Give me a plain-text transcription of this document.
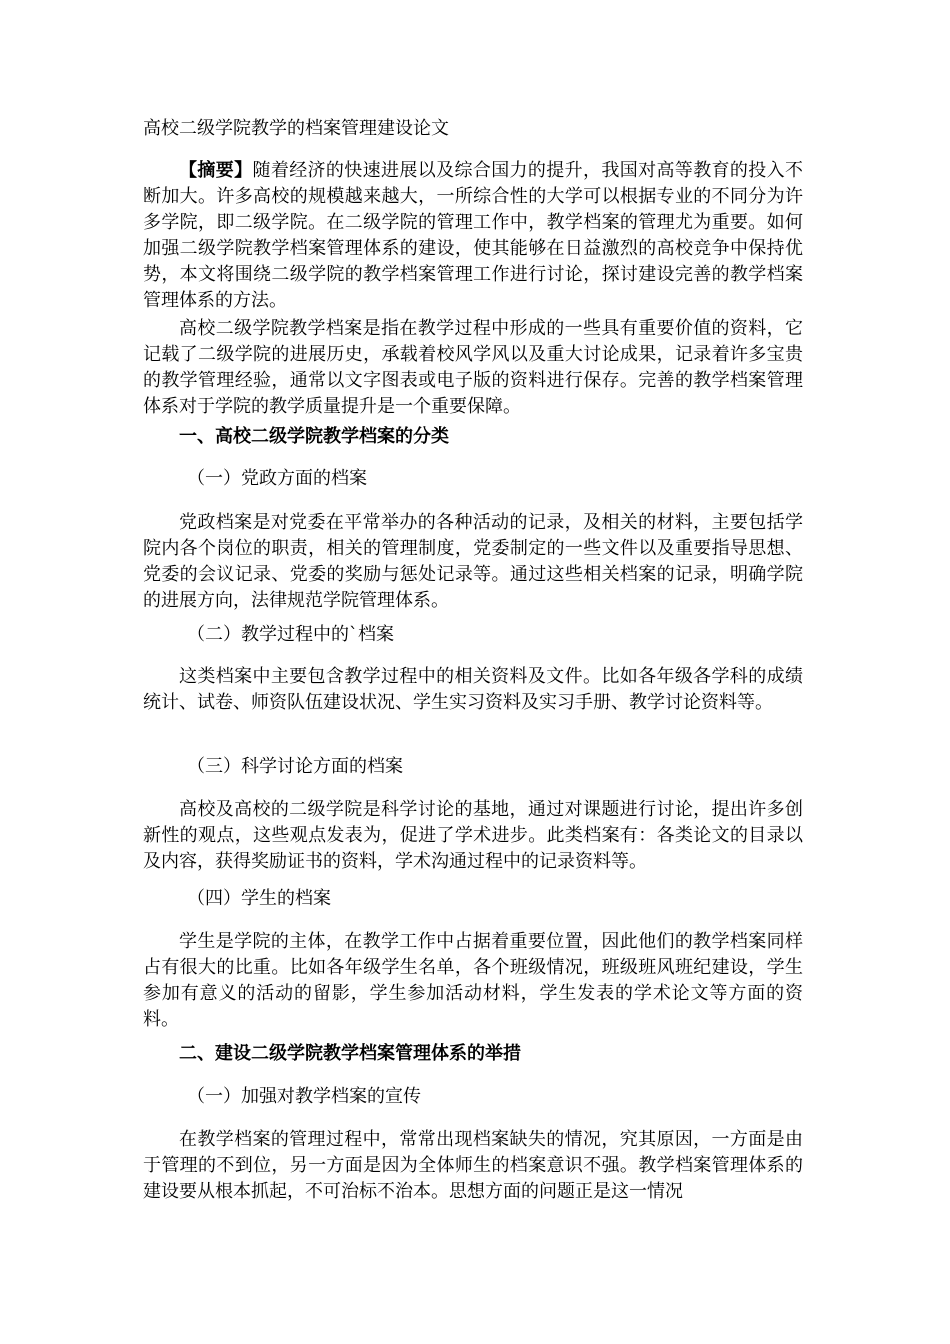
高校二级学院教学的档案管理建设论文
【摘要】随着经济的快速进展以及综合国力的提升，我国对高等教育的投入不断加大。许多高校的规模越来越大，一所综合性的大学可以根据专业的不同分为许多学院，即二级学院。在二级学院的管理工作中，教学档案的管理尤为重要。如何加强二级学院教学档案管理体系的建设，使其能够在日益激烈的高校竞争中保持优势，本文将围绕二级学院的教学档案管理工作进行讨论，探讨建设完善的教学档案管理体系的方法。
高校二级学院教学档案是指在教学过程中形成的一些具有重要价值的资料，它记载了二级学院的进展历史，承载着校风学风以及重大讨论成果，记录着许多宝贵的教学管理经验，通常以文字图表或电子版的资料进行保存。完善的教学档案管理体系对于学院的教学质量提升是一个重要保障。
一、高校二级学院教学档案的分类
（一）党政方面的档案
党政档案是对党委在平常举办的各种活动的记录，及相关的材料，主要包括学院内各个岗位的职责，相关的管理制度，党委制定的一些文件以及重要指导思想、党委的会议记录、党委的奖励与惩处记录等。通过这些相关档案的记录，明确学院的进展方向，法律规范学院管理体系。
（二）教学过程中的`档案
这类档案中主要包含教学过程中的相关资料及文件。比如各年级各学科的成绩统计、试卷、师资队伍建设状况、学生实习资料及实习手册、教学讨论资料等。
（三）科学讨论方面的档案
高校及高校的二级学院是科学讨论的基地，通过对课题进行讨论，提出许多创新性的观点，这些观点发表为，促进了学术进步。此类档案有：各类论文的目录以及内容，获得奖励证书的资料，学术沟通过程中的记录资料等。
（四）学生的档案
学生是学院的主体，在教学工作中占据着重要位置，因此他们的教学档案同样占有很大的比重。比如各年级学生名单，各个班级情况，班级班风班纪建设，学生参加有意义的活动的留影，学生参加活动材料，学生发表的学术论文等方面的资料。
二、建设二级学院教学档案管理体系的举措
（一）加强对教学档案的宣传
在教学档案的管理过程中，常常出现档案缺失的情况，究其原因，一方面是由于管理的不到位，另一方面是因为全体师生的档案意识不强。教学档案管理体系的建设要从根本抓起，不可治标不治本。思想方面的问题正是这一情况
